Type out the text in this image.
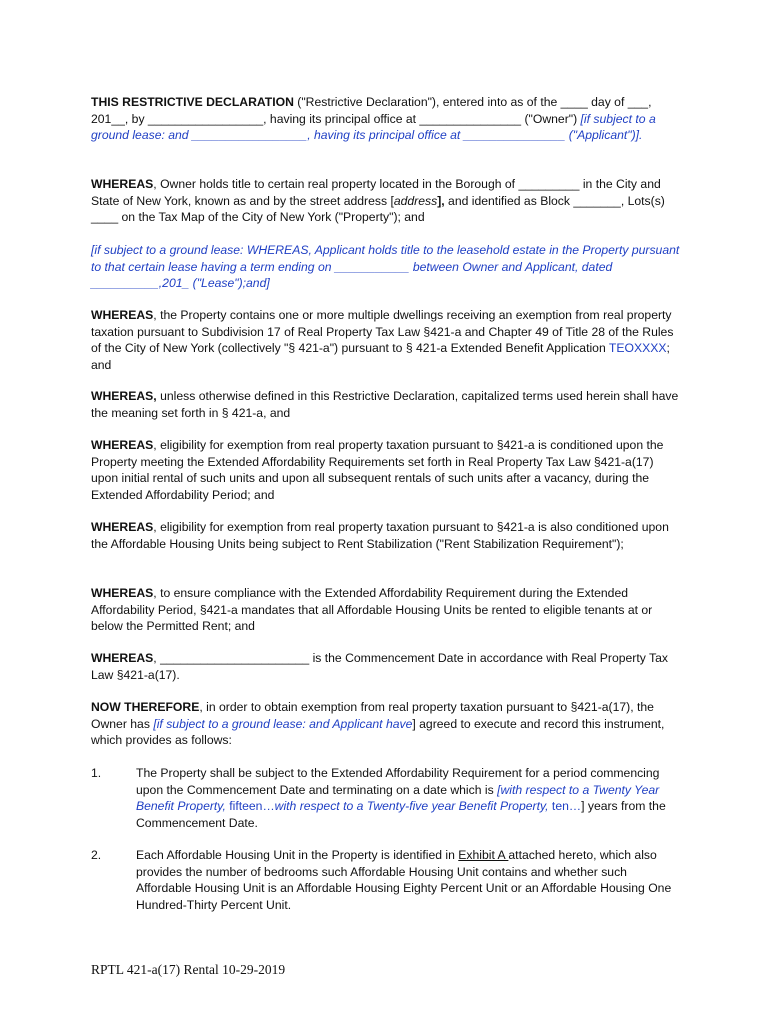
THIS RESTRICTIVE DECLARATION ("Restrictive Declaration"), entered into as of the ____ day of ___, 201__, by _________________, having its principal office at _______________ ("Owner") [if subject to a ground lease: and _________________, having its principal office at _______________ ("Applicant")].

WHEREAS, Owner holds title to certain real property located in the Borough of _________ in the City and State of New York, known as and by the street address [address], and identified as Block _______, Lots(s) ____ on the Tax Map of the City of New York ("Property"); and

[if subject to a ground lease: WHEREAS, Applicant holds title to the leasehold estate in the Property pursuant to that certain lease having a term ending on ___________ between Owner and Applicant, dated __________,201_ ("Lease");and]

WHEREAS, the Property contains one or more multiple dwellings receiving an exemption from real property taxation pursuant to Subdivision 17 of Real Property Tax Law §421-a and Chapter 49 of Title 28 of the Rules of the City of New York (collectively "§ 421-a") pursuant to § 421-a Extended Benefit Application TEOXXXX; and

WHEREAS, unless otherwise defined in this Restrictive Declaration, capitalized terms used herein shall have the meaning set forth in § 421-a, and

WHEREAS, eligibility for exemption from real property taxation pursuant to §421-a is conditioned upon the Property meeting the Extended Affordability Requirements set forth in Real Property Tax Law §421-a(17) upon initial rental of such units and upon all subsequent rentals of such units after a vacancy, during the Extended Affordability Period; and

WHEREAS, eligibility for exemption from real property taxation pursuant to §421-a is also conditioned upon the Affordable Housing Units being subject to Rent Stabilization ("Rent Stabilization Requirement");

WHEREAS, to ensure compliance with the Extended Affordability Requirement during the Extended Affordability Period, §421-a mandates that all Affordable Housing Units be rented to eligible tenants at or below the Permitted Rent; and

WHEREAS, ______________________ is the Commencement Date in accordance with Real Property Tax Law §421-a(17).

NOW THEREFORE, in order to obtain exemption from real property taxation pursuant to §421-a(17), the Owner has [if subject to a ground lease: and Applicant have] agreed to execute and record this instrument, which provides as follows:

1.	The Property shall be subject to the Extended Affordability Requirement for a period commencing upon the Commencement Date and terminating on a date which is [with respect to a Twenty Year Benefit Property, fifteen…with respect to a Twenty-five year Benefit Property, ten…] years from the Commencement Date.

2.	Each Affordable Housing Unit in the Property is identified in Exhibit A attached hereto, which also provides the number of bedrooms such Affordable Housing Unit contains and whether such Affordable Housing Unit is an Affordable Housing Eighty Percent Unit or an Affordable Housing One Hundred-Thirty Percent Unit.

RPTL 421-a(17) Rental 10-29-2019
